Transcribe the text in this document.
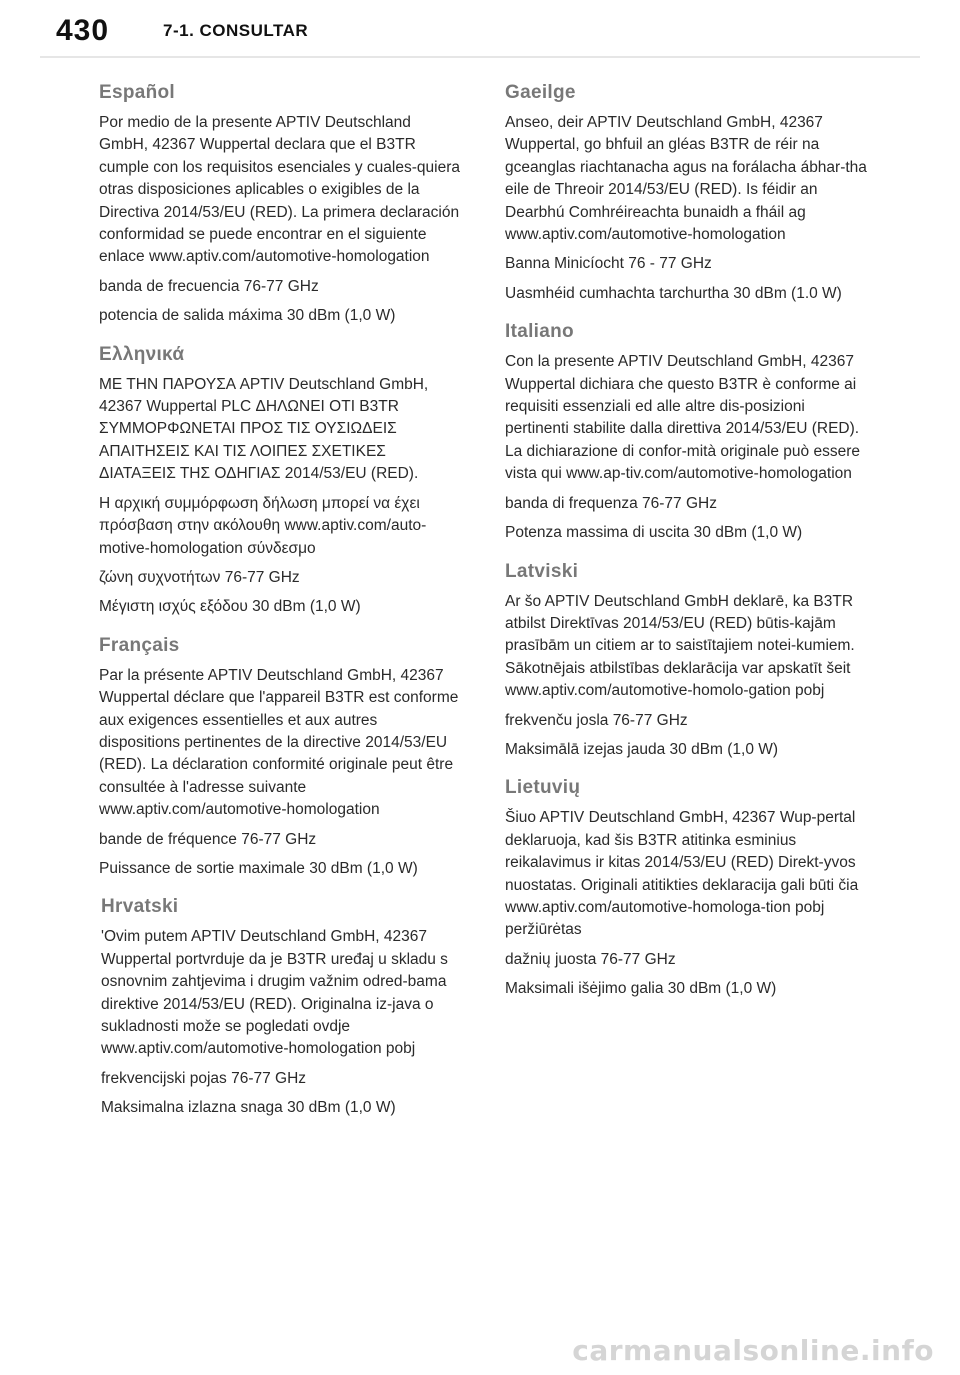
430	7-1. CONSULTAR
Español

Por medio de la presente APTIV Deutschland GmbH, 42367 Wuppertal declara que el B3TR cumple con los requisitos esenciales y cuales-quiera otras disposiciones aplicables o exigibles de la Directiva 2014/53/EU (RED). La primera declaración conformidad se puede encontrar en el siguiente enlace www.aptiv.com/automotive-homologation

banda de frecuencia 76-77 GHz

potencia de salida máxima 30 dBm (1,0 W)

Ελληνικά

ΜΕ ΤΗΝ ΠΑΡΟΥΣΑ APTIV Deutschland GmbH, 42367 Wuppertal PLC ΔΗΛΩΝΕΙ ΟΤΙ B3TR ΣΥΜΜΟΡΦΩΝΕΤΑΙ ΠΡΟΣ ΤΙΣ ΟΥΣΙΩΔΕΙΣ ΑΠΑΙΤΗΣΕΙΣ ΚΑΙ ΤΙΣ ΛΟΙΠΕΣ ΣΧΕΤΙΚΕΣ ΔΙΑΤΑΞΕΙΣ ΤΗΣ ΟΔΗΓΙΑΣ 2014/53/EU (RED).

Η αρχική συμμόρφωση δήλωση μπορεί να έχει πρόσβαση στην ακόλουθη www.aptiv.com/auto-motive-homologation σύνδεσμο

ζώνη συχνοτήτων 76-77 GHz

Μέγιστη ισχύς εξόδου 30 dBm (1,0 W)

Français

Par la présente APTIV Deutschland GmbH, 42367 Wuppertal déclare que l'appareil B3TR est conforme aux exigences essentielles et aux autres dispositions pertinentes de la directive 2014/53/EU (RED). La déclaration conformité originale peut être consultée à l'adresse suivante www.aptiv.com/automotive-homologation

bande de fréquence 76-77 GHz

Puissance de sortie maximale 30 dBm (1,0 W)

Hrvatski

'Ovim putem APTIV Deutschland GmbH, 42367 Wuppertal portvrduje da je B3TR uređaj u skladu s osnovnim zahtjevima i drugim važnim odred-bama direktive 2014/53/EU (RED). Originalna iz-java o sukladnosti može se pogledati ovdje www.aptiv.com/automotive-homologation pobj

frekvencijski pojas 76-77 GHz

Maksimalna izlazna snaga 30 dBm (1,0 W)

Gaeilge

Anseo, deir APTIV Deutschland GmbH, 42367 Wuppertal, go bhfuil an gléas B3TR de réir na gceanglas riachtanacha agus na forálacha ábhar-tha eile de Threoir 2014/53/EU (RED). Is féidir an Dearbhú Comhréireachta bunaidh a fháil ag www.aptiv.com/automotive-homologation

Banna Minicíocht 76 - 77 GHz

Uasmhéid cumhachta tarchurtha 30 dBm (1.0 W)

Italiano

Con la presente APTIV Deutschland GmbH, 42367 Wuppertal dichiara che questo B3TR è conforme ai requisiti essenziali ed alle altre dis-posizioni pertinenti stabilite dalla direttiva 2014/53/EU (RED). La dichiarazione di confor-mità originale può essere vista qui www.ap-tiv.com/automotive-homologation

banda di frequenza 76-77 GHz

Potenza massima di uscita 30 dBm (1,0 W)

Latviski

Ar šo APTIV Deutschland GmbH deklarē, ka B3TR atbilst Direktīvas 2014/53/EU (RED) būtis-kajām prasībām un citiem ar to saistītajiem notei-kumiem. Sākotnējais atbilstības deklarācija var apskatīt šeit www.aptiv.com/automotive-homolo-gation pobj

frekvenču josla 76-77 GHz

Maksimālā izejas jauda 30 dBm (1,0 W)

Lietuvių

Šiuo APTIV Deutschland GmbH, 42367 Wup-pertal deklaruoja, kad šis B3TR atitinka esminius reikalavimus ir kitas 2014/53/EU (RED) Direkt-yvos nuostatas. Originali atitikties deklaracija gali būti čia www.aptiv.com/automotive-homologa-tion pobj peržiūrėtas

dažnių juosta 76-77 GHz

Maksimali išėjimo galia 30 dBm (1,0 W)

carmanualsonline.info
